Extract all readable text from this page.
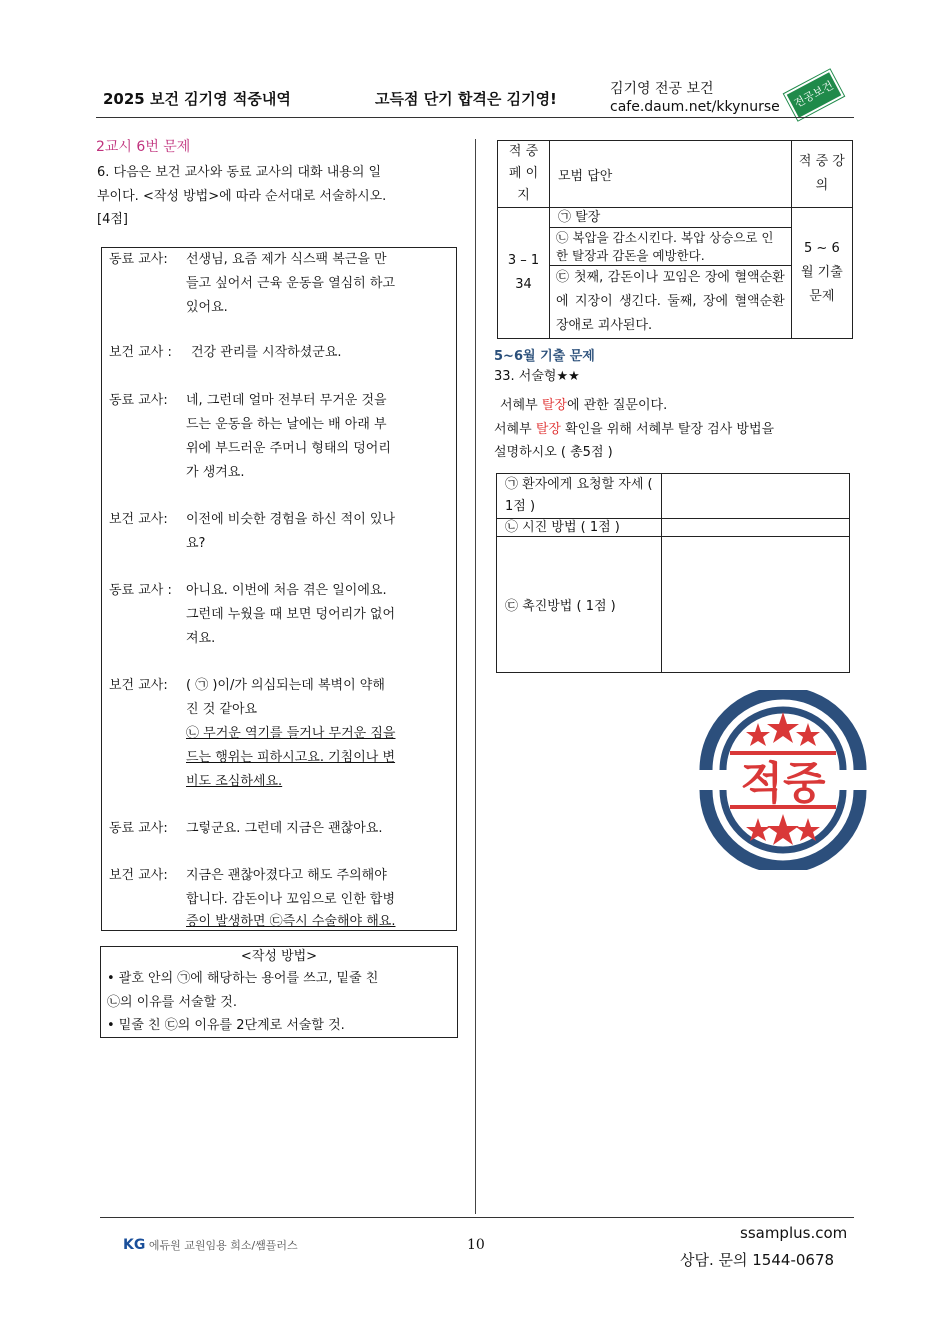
2025 보건 김기영 적중내역	고득점 단기 합격은 김기영!
김기영 전공 보건
cafe.daum.net/kkynurse	전공보건
2교시 6번 문제
6. 다음은 보건 교사와 동료 교사의 대화 내용의 일
부이다. <작성 방법>에 따라 순서대로 서술하시오.
[4점]
동료 교사: 선생님, 요즘 제가 식스팩 복근을 만
들고 싶어서 근육 운동을 열심히 하고
있어요.
보건 교사 : 건강 관리를 시작하셨군요.
동료 교사: 네, 그런데 얼마 전부터 무거운 것을
드는 운동을 하는 날에는 배 아래 부
위에 부드러운 주머니 형태의 덩어리
가 생겨요.
보건 교사: 이전에 비슷한 경험을 하신 적이 있나
요?
동료 교사 : 아니요. 이번에 처음 겪은 일이에요.
그런데 누웠을 때 보면 덩어리가 없어
져요.
보건 교사: ( ㉠ )이/가 의심되는데 복벽이 약해
진 것 같아요
㉡ 무거운 역기를 들거나 무거운 짐을
드는 행위는 피하시고요. 기침이나 변
비도 조심하세요.
동료 교사: 그렇군요. 그런데 지금은 괜찮아요.
보건 교사: 지금은 괜찮아졌다고 해도 주의해야
합니다. 감돈이나 꼬임으로 인한 합병
증이 발생하면 ㉢즉시 수술해야 해요.
<작성 방법>
• 괄호 안의 ㉠에 해당하는 용어를 쓰고, 밑줄 친
㉡의 이유를 서술할 것.
• 밑줄 친 ㉢의 이유를 2단계로 서술할 것.
적 중 페 이 지	모범 답안	적 중 강의
3 – 1 34	㉠ 탈장	5 ~ 6 월 기출 문제
	㉡ 복압을 감소시킨다. 복압 상승으로 인한 탈장과 감돈을 예방한다.	
	㉢ 첫째, 감돈이나 꼬임은 장에 혈액순환에 지장이 생긴다. 둘째, 장에 혈액순환 장애로 괴사된다.	
5~6월 기출 문제
33. 서술형★★
서혜부 탈장에 관한 질문이다.
서혜부 탈장 확인을 위해 서혜부 탈장 검사 방법을
설명하시오 ( 총5점 )
㉠ 환자에게 요청할 자세 ( 1점 )	
㉡ 시진 방법 ( 1점 )	
㉢ 촉진방법 ( 1점 )	
적중
KG 에듀원 교원임용 희소/쌤플러스	10
ssamplus.com
상담. 문의 1544-0678
